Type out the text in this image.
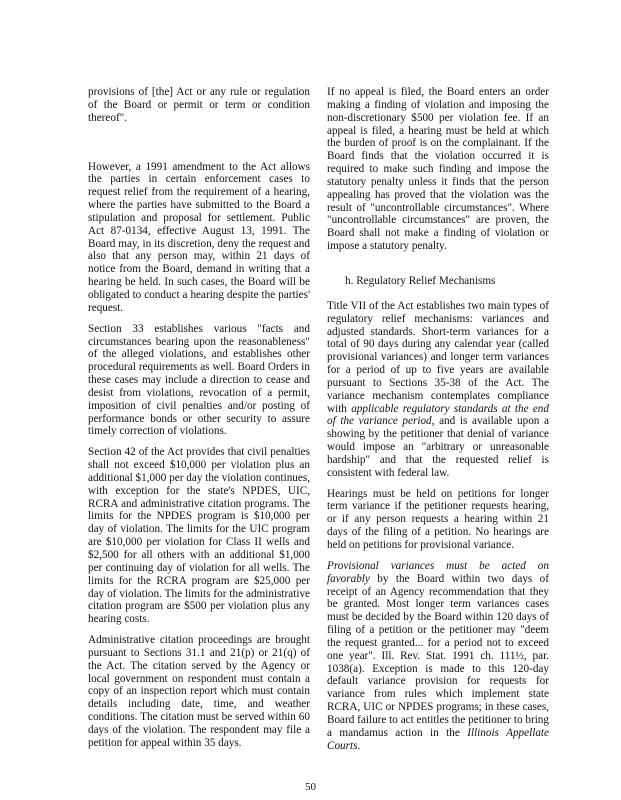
provisions of [the] Act or any rule or regulation of the Board or permit or term or condition thereof".

However, a 1991 amendment to the Act allows the parties in certain enforcement cases to request relief from the requirement of a hearing, where the parties have submitted to the Board a stipulation and proposal for settlement. Public Act 87-0134, effective August 13, 1991. The Board may, in its discretion, deny the request and also that any person may, within 21 days of notice from the Board, demand in writing that a hearing be held. In such cases, the Board will be obligated to conduct a hearing despite the parties' request.

Section 33 establishes various "facts and circumstances bearing upon the reasonableness" of the alleged violations, and establishes other procedural requirements as well. Board Orders in these cases may include a direction to cease and desist from violations, revocation of a permit, imposition of civil penalties and/or posting of performance bonds or other security to assure timely correction of violations.

Section 42 of the Act provides that civil penalties shall not exceed $10,000 per violation plus an additional $1,000 per day the violation continues, with exception for the state's NPDES, UIC, RCRA and administrative citation programs. The limits for the NPDES program is $10,000 per day of violation. The limits for the UIC program are $10,000 per violation for Class II wells and $2,500 for all others with an additional $1,000 per continuing day of violation for all wells. The limits for the RCRA program are $25,000 per day of violation. The limits for the administrative citation program are $500 per violation plus any hearing costs.

Administrative citation proceedings are brought pursuant to Sections 31.1 and 21(p) or 21(q) of the Act. The citation served by the Agency or local government on respondent must contain a copy of an inspection report which must contain details including date, time, and weather conditions. The citation must be served within 60 days of the violation. The respondent may file a petition for appeal within 35 days.

If no appeal is filed, the Board enters an order making a finding of violation and imposing the non-discretionary $500 per violation fee. If an appeal is filed, a hearing must be held at which the burden of proof is on the complainant. If the Board finds that the violation occurred it is required to make such finding and impose the statutory penalty unless it finds that the person appealing has proved that the violation was the result of "uncontrollable circumstances". Where "uncontrollable circumstances" are proven, the Board shall not make a finding of violation or impose a statutory penalty.

h. Regulatory Relief Mechanisms

Title VII of the Act establishes two main types of regulatory relief mechanisms: variances and adjusted standards. Short-term variances for a total of 90 days during any calendar year (called provisional variances) and longer term variances for a period of up to five years are available pursuant to Sections 35-38 of the Act. The variance mechanism contemplates compliance with applicable regulatory standards at the end of the variance period, and is available upon a showing by the petitioner that denial of variance would impose an "arbitrary or unreasonable hardship" and that the requested relief is consistent with federal law.

Hearings must be held on petitions for longer term variance if the petitioner requests hearing, or if any person requests a hearing within 21 days of the filing of a petition. No hearings are held on petitions for provisional variance.

Provisional variances must be acted on favorably by the Board within two days of receipt of an Agency recommendation that they be granted. Most longer term variances cases must be decided by the Board within 120 days of filing of a petition or the petitioner may "deem the request granted... for a period not to exceed one year". Ill. Rev. Stat. 1991 ch. 111½, par. 1038(a). Exception is made to this 120-day default variance provision for requests for variance from rules which implement state RCRA, UIC or NPDES programs; in these cases, Board failure to act entitles the petitioner to bring a mandamus action in the Illinois Appellate Courts.

50
